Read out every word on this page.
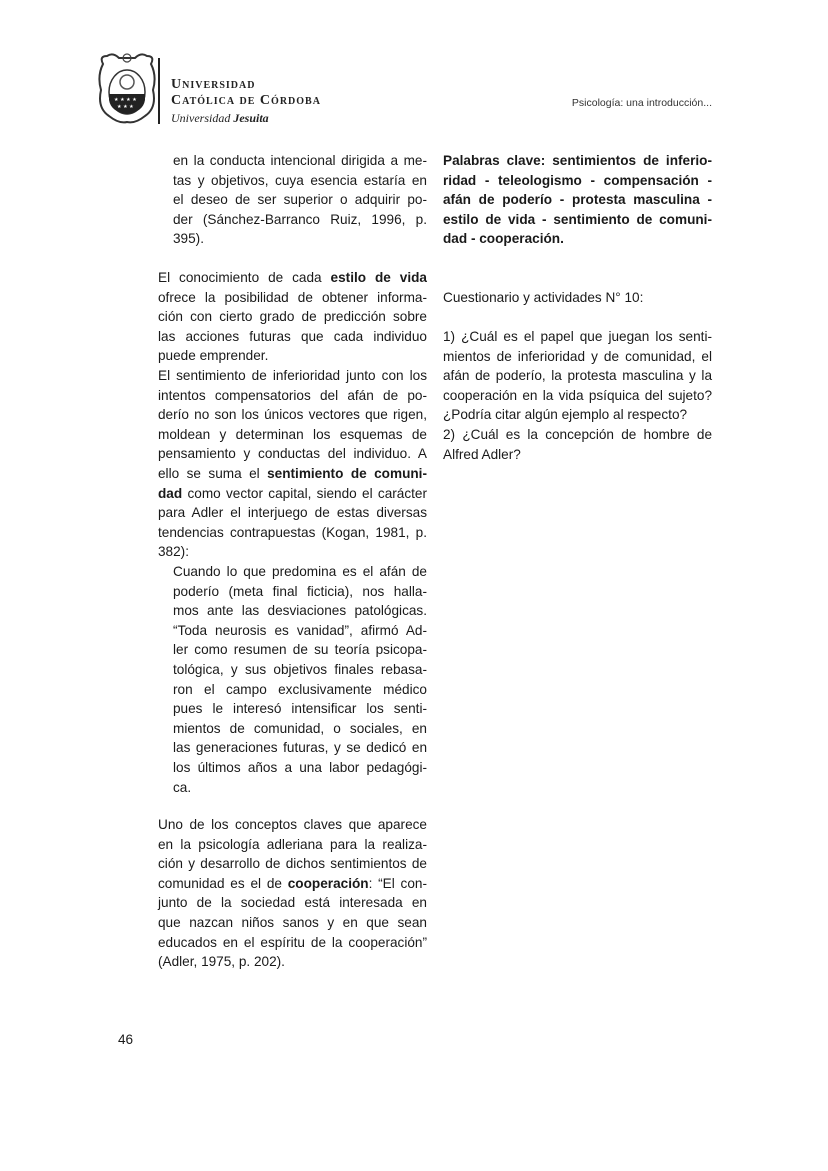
★ ★ ★ ★
★ ★ ★
Universidad
Católica de Córdoba
Universidad Jesuita
Psicología: una introducción...
en la conducta intencional dirigida a me-
tas y objetivos, cuya esencia estaría en
el deseo de ser superior o adquirir po-
der (Sánchez-Barranco Ruiz, 1996, p.
395).
El conocimiento de cada estilo de vida
ofrece la posibilidad de obtener informa-
ción con cierto grado de predicción sobre
las acciones futuras que cada individuo
puede emprender.
El sentimiento de inferioridad junto con los
intentos compensatorios del afán de po-
derío no son los únicos vectores que rigen,
moldean y determinan los esquemas de
pensamiento y conductas del individuo. A
ello se suma el sentimiento de comuni-
dad como vector capital, siendo el carácter
para Adler el interjuego de estas diversas
tendencias contrapuestas (Kogan, 1981, p.
382):
Cuando lo que predomina es el afán de
poderío (meta final ficticia), nos halla-
mos ante las desviaciones patológicas.
“Toda neurosis es vanidad”, afirmó Ad-
ler como resumen de su teoría psicopa-
tológica, y sus objetivos finales rebasa-
ron el campo exclusivamente médico
pues le interesó intensificar los senti-
mientos de comunidad, o sociales, en
las generaciones futuras, y se dedicó en
los últimos años a una labor pedagógi-
ca.
Uno de los conceptos claves que aparece
en la psicología adleriana para la realiza-
ción y desarrollo de dichos sentimientos de
comunidad es el de cooperación: “El con-
junto de la sociedad está interesada en
que nazcan niños sanos y en que sean
educados en el espíritu de la cooperación”
(Adler, 1975, p. 202).
Palabras clave: sentimientos de inferio-
ridad - teleologismo - compensación -
afán de poderío - protesta masculina -
estilo de vida - sentimiento de comuni-
dad - cooperación.
Cuestionario y actividades N° 10:
1) ¿Cuál es el papel que juegan los senti-
mientos de inferioridad y de comunidad, el
afán de poderío, la protesta masculina y la
cooperación en la vida psíquica del sujeto?
¿Podría citar algún ejemplo al respecto?
2) ¿Cuál es la concepción de hombre de
Alfred Adler?
46
